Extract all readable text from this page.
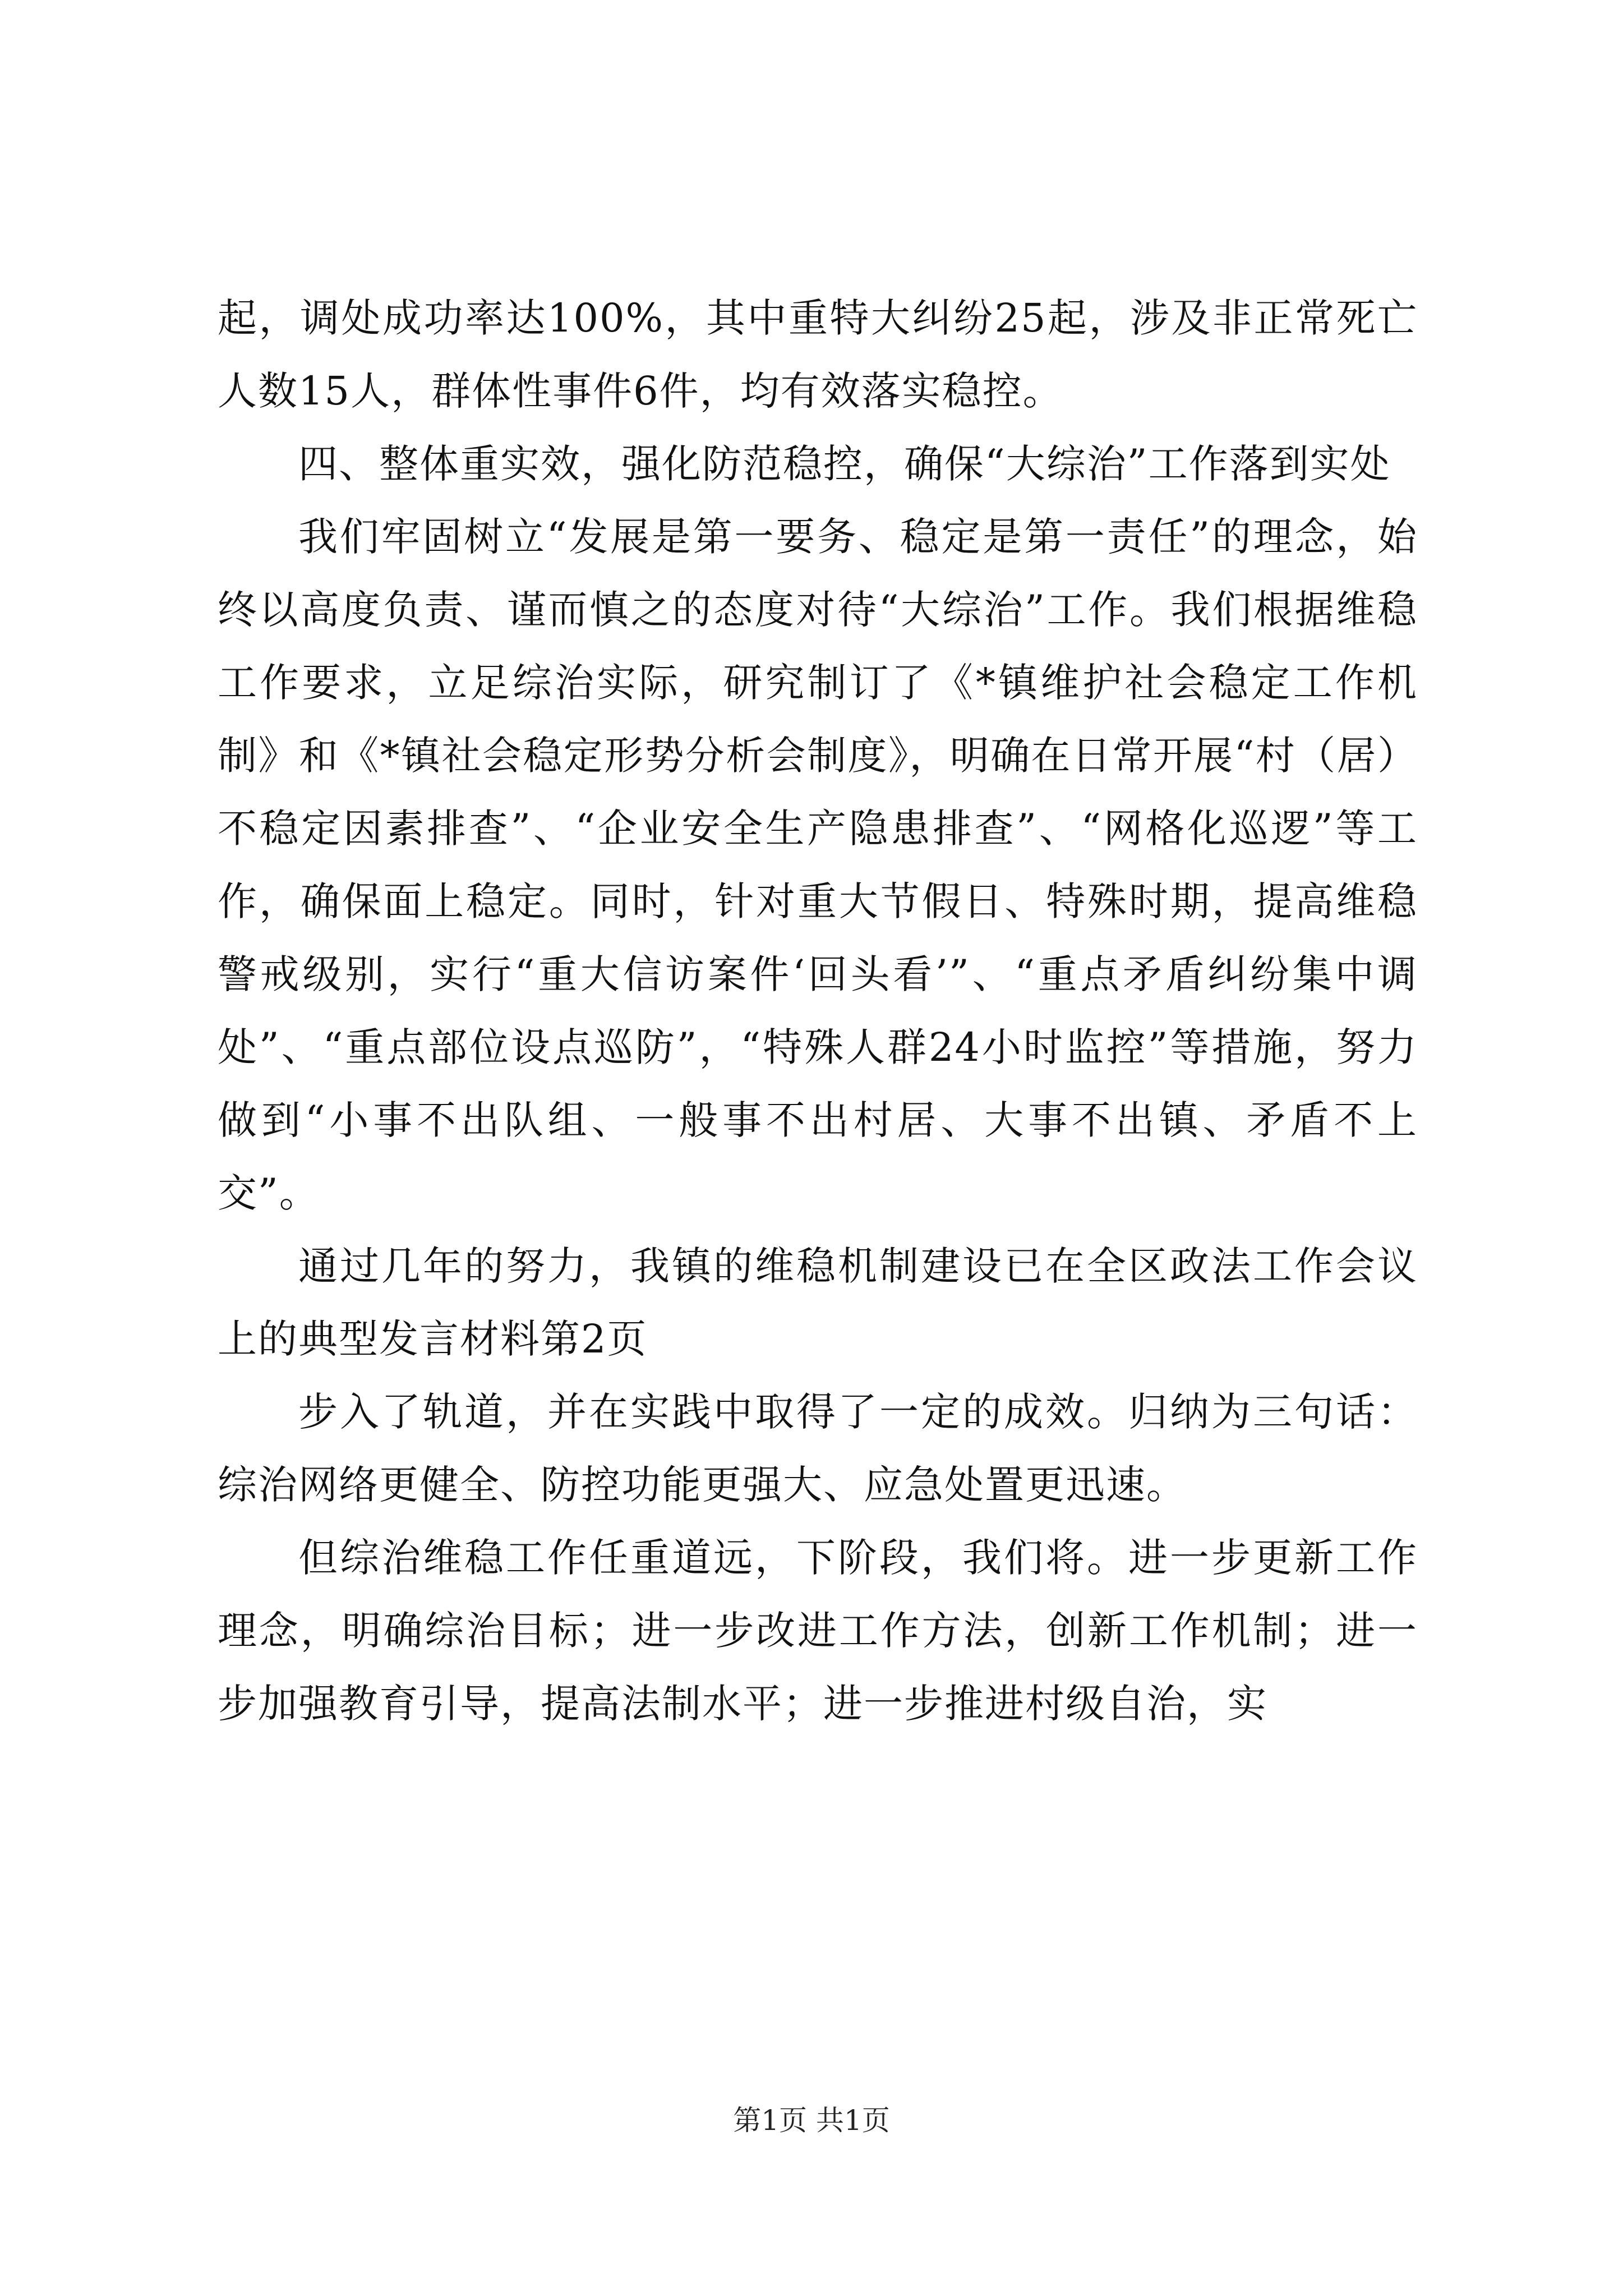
起，调处成功率达100%，其中重特大纠纷25起，涉及非正常死亡人数15人，群体性事件6件，均有效落实稳控。

四、整体重实效，强化防范稳控，确保“大综治”工作落到实处

我们牢固树立“发展是第一要务、稳定是第一责任”的理念，始终以高度负责、谨而慎之的态度对待“大综治”工作。我们根据维稳工作要求，立足综治实际，研究制订了《*镇维护社会稳定工作机制》和《*镇社会稳定形势分析会制度》，明确在日常开展“村（居）不稳定因素排查”、“企业安全生产隐患排查”、“网格化巡逻”等工作，确保面上稳定。同时，针对重大节假日、特殊时期，提高维稳警戒级别，实行“重大信访案件‘回头看’”、“重点矛盾纠纷集中调处”、“重点部位设点巡防”，“特殊人群24小时监控”等措施，努力做到“小事不出队组、一般事不出村居、大事不出镇、矛盾不上交”。

通过几年的努力，我镇的维稳机制建设已在全区政法工作会议上的典型发言材料第2页

步入了轨道，并在实践中取得了一定的成效。归纳为三句话：综治网络更健全、防控功能更强大、应急处置更迅速。

但综治维稳工作任重道远，下阶段，我们将。进一步更新工作理念，明确综治目标；进一步改进工作方法，创新工作机制；进一步加强教育引导，提高法制水平；进一步推进村级自治，实

第1页 共1页
